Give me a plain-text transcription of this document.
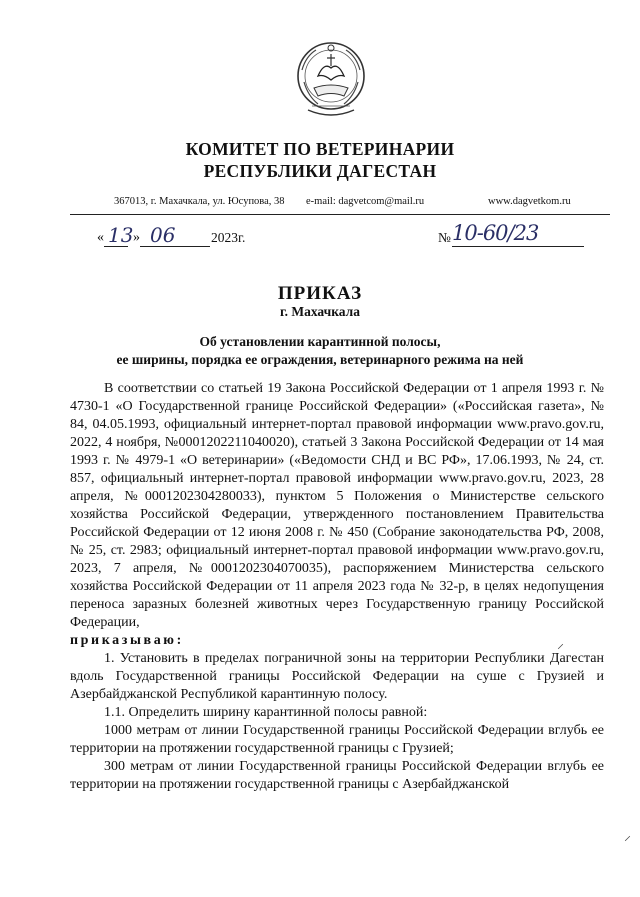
КОМИТЕТ ПО ВЕТЕРИНАРИИ
РЕСПУБЛИКИ ДАГЕСТАН
367013, г. Махачкала, ул. Юсупова, 38 e-mail: dagvetcom@mail.ru	www.dagvetkom.ru
« 13 » 06	2023г.	№ 10-60/23
ПРИКАЗ
г. Махачкала
Об установлении карантинной полосы,
ее ширины, порядка ее ограждения, ветеринарного режима на ней

В соответствии со статьей 19 Закона Российской Федерации от 1 апреля 1993 г. № 4730-1 «О Государственной границе Российской Федерации» («Российская газета», № 84, 04.05.1993, официальный интернет-портал правовой информации www.pravo.gov.ru, 2022, 4 ноября, №0001202211040020), статьей 3 Закона Российской Федерации от 14 мая 1993 г. № 4979-1 «О ветеринарии» («Ведомости СНД и ВС РФ», 17.06.1993, № 24, ст. 857, официальный интернет-портал правовой информации www.pravo.gov.ru, 2023, 28 апреля, №0001202304280033), пунктом 5 Положения о Министерстве сельского хозяйства Российской Федерации, утвержденного постановлением Правительства Российской Федерации от 12 июня 2008 г. № 450 (Собрание законодательства РФ, 2008, № 25, ст. 2983; официальный интернет-портал правовой информации www.pravo.gov.ru, 2023, 7 апреля, №0001202304070035), распоряжением Министерства сельского хозяйства Российской Федерации от 11 апреля 2023 года № 32-р, в целях недопущения переноса заразных болезней животных через Государственную границу Российской Федерации,

приказываю:

1. Установить в пределах пограничной зоны на территории Республики Дагестан вдоль Государственной границы Российской Федерации на суше с Грузией и Азербайджанской Республикой карантинную полосу.

1.1. Определить ширину карантинной полосы равной:

1000 метрам от линии Государственной границы Российской Федерации вглубь ее территории на протяжении государственной границы с Грузией;

300 метрам от линии Государственной границы Российской Федерации вглубь ее территории на протяжении государственной границы с Азербайджанской

⸝
⸝
